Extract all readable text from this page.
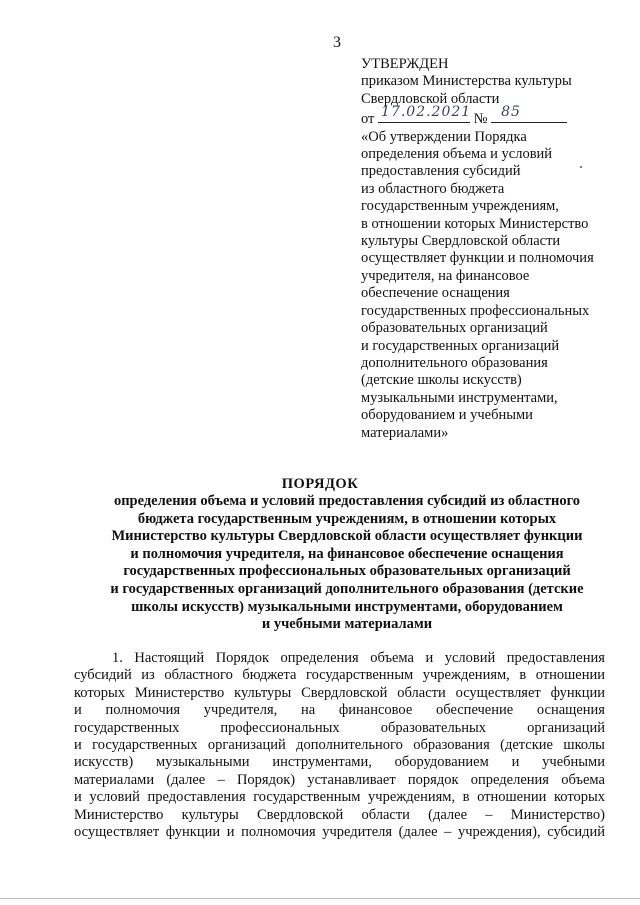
3
УТВЕРЖДЕН
приказом Министерства культуры
Свердловской области
от 17.02.2021 № 85
«Об утверждении Порядка
определения объема и условий
предоставления субсидий
из областного бюджета
государственным учреждениям,
в отношении которых Министерство
культуры Свердловской области
осуществляет функции и полномочия
учредителя, на финансовое
обеспечение оснащения
государственных профессиональных
образовательных организаций
и государственных организаций
дополнительного образования
(детские школы искусств)
музыкальными инструментами,
оборудованием и учебными
материалами»
ПОРЯДОК
определения объема и условий предоставления субсидий из областного
бюджета государственным учреждениям, в отношении которых
Министерство культуры Свердловской области осуществляет функции
и полномочия учредителя, на финансовое обеспечение оснащения
государственных профессиональных образовательных организаций
и государственных организаций дополнительного образования (детские
школы искусств) музыкальными инструментами, оборудованием
и учебными материалами
1. Настоящий Порядок определения объема и условий предоставления
субсидий из областного бюджета государственным учреждениям, в отношении
которых Министерство культуры Свердловской области осуществляет функции
и полномочия учредителя, на финансовое обеспечение оснащения
государственных	профессиональных	образовательных	организаций
и государственных организаций дополнительного образования (детские школы
искусств) музыкальными инструментами, оборудованием и учебными
материалами (далее – Порядок) устанавливает порядок определения объема
и условий предоставления государственным учреждениям, в отношении которых
Министерство культуры Свердловской области (далее – Министерство)
осуществляет функции и полномочия учредителя (далее – учреждения), субсидий
